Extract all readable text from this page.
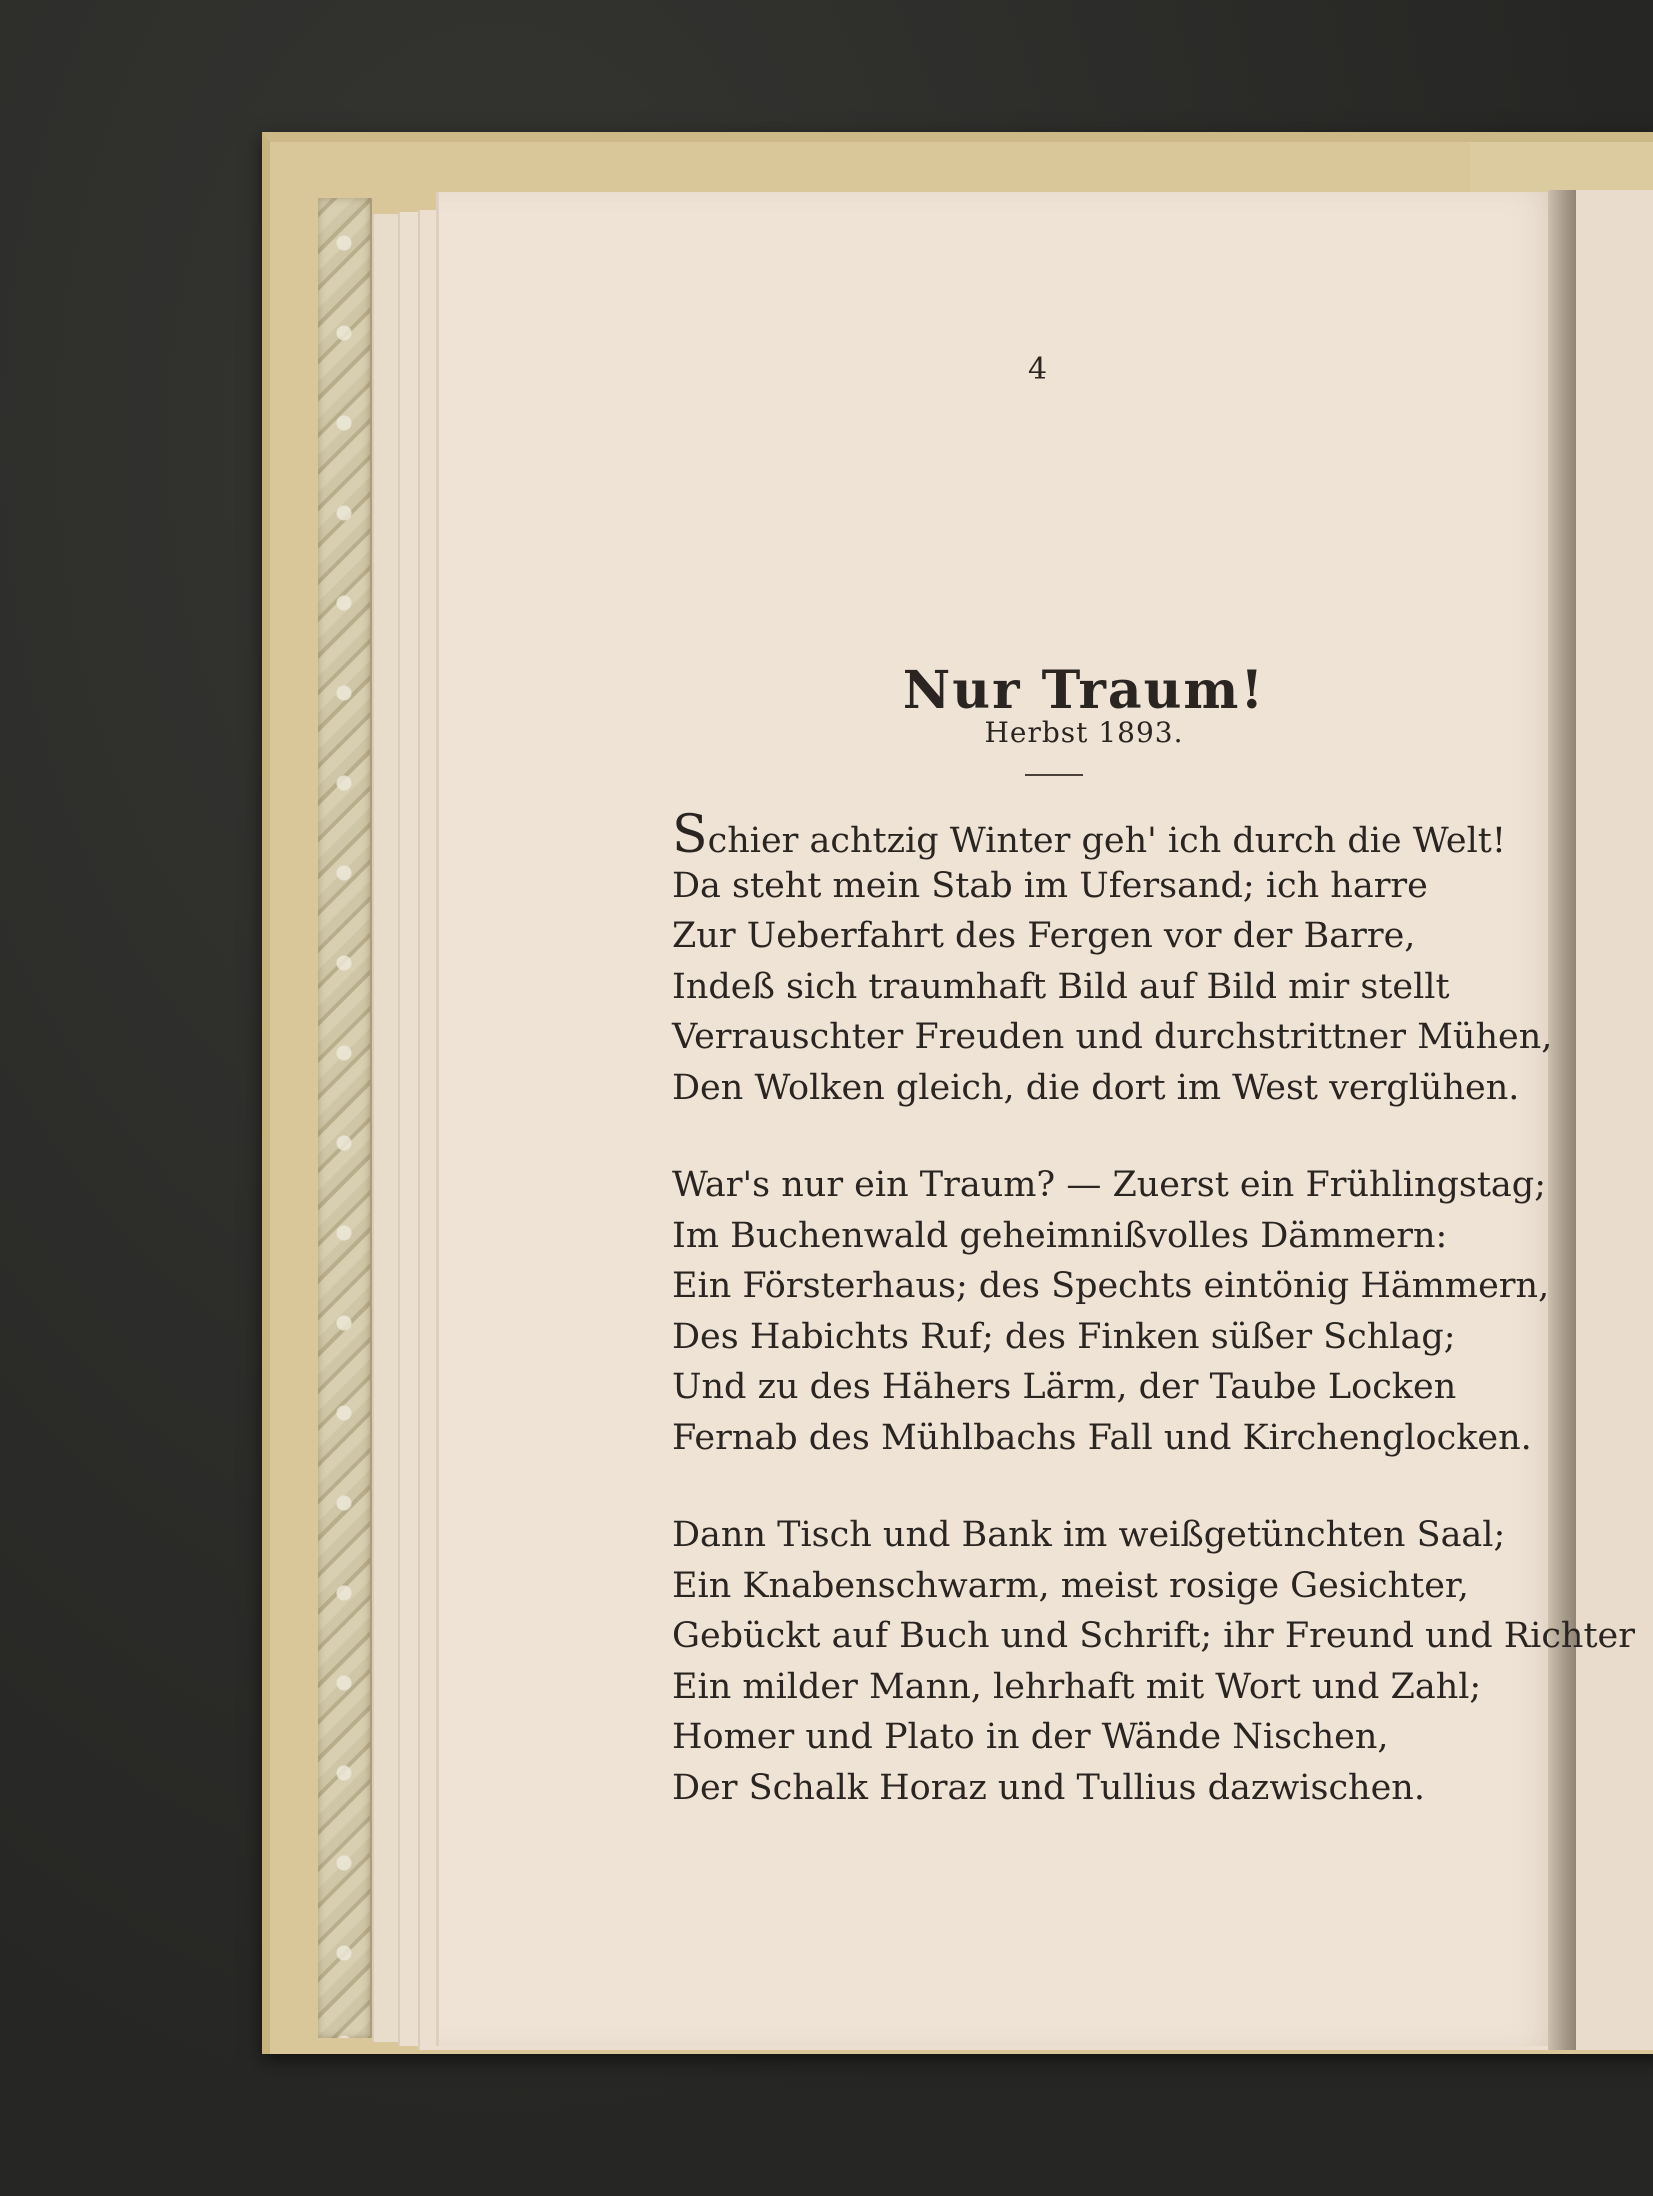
4
Nur Traum!
Herbst 1893.
Schier achtzig Winter geh' ich durch die Welt!
Da steht mein Stab im Ufersand; ich harre
Zur Ueberfahrt des Fergen vor der Barre,
Indeß sich traumhaft Bild auf Bild mir stellt
Verrauschter Freuden und durchstrittner Mühen,
Den Wolken gleich, die dort im West verglühen.
War's nur ein Traum? — Zuerst ein Frühlingstag;
Im Buchenwald geheimnißvolles Dämmern:
Ein Försterhaus; des Spechts eintönig Hämmern,
Des Habichts Ruf; des Finken süßer Schlag;
Und zu des Hähers Lärm, der Taube Locken
Fernab des Mühlbachs Fall und Kirchenglocken.
Dann Tisch und Bank im weißgetünchten Saal;
Ein Knabenschwarm, meist rosige Gesichter,
Gebückt auf Buch und Schrift; ihr Freund und Richter
Ein milder Mann, lehrhaft mit Wort und Zahl;
Homer und Plato in der Wände Nischen,
Der Schalk Horaz und Tullius dazwischen.
